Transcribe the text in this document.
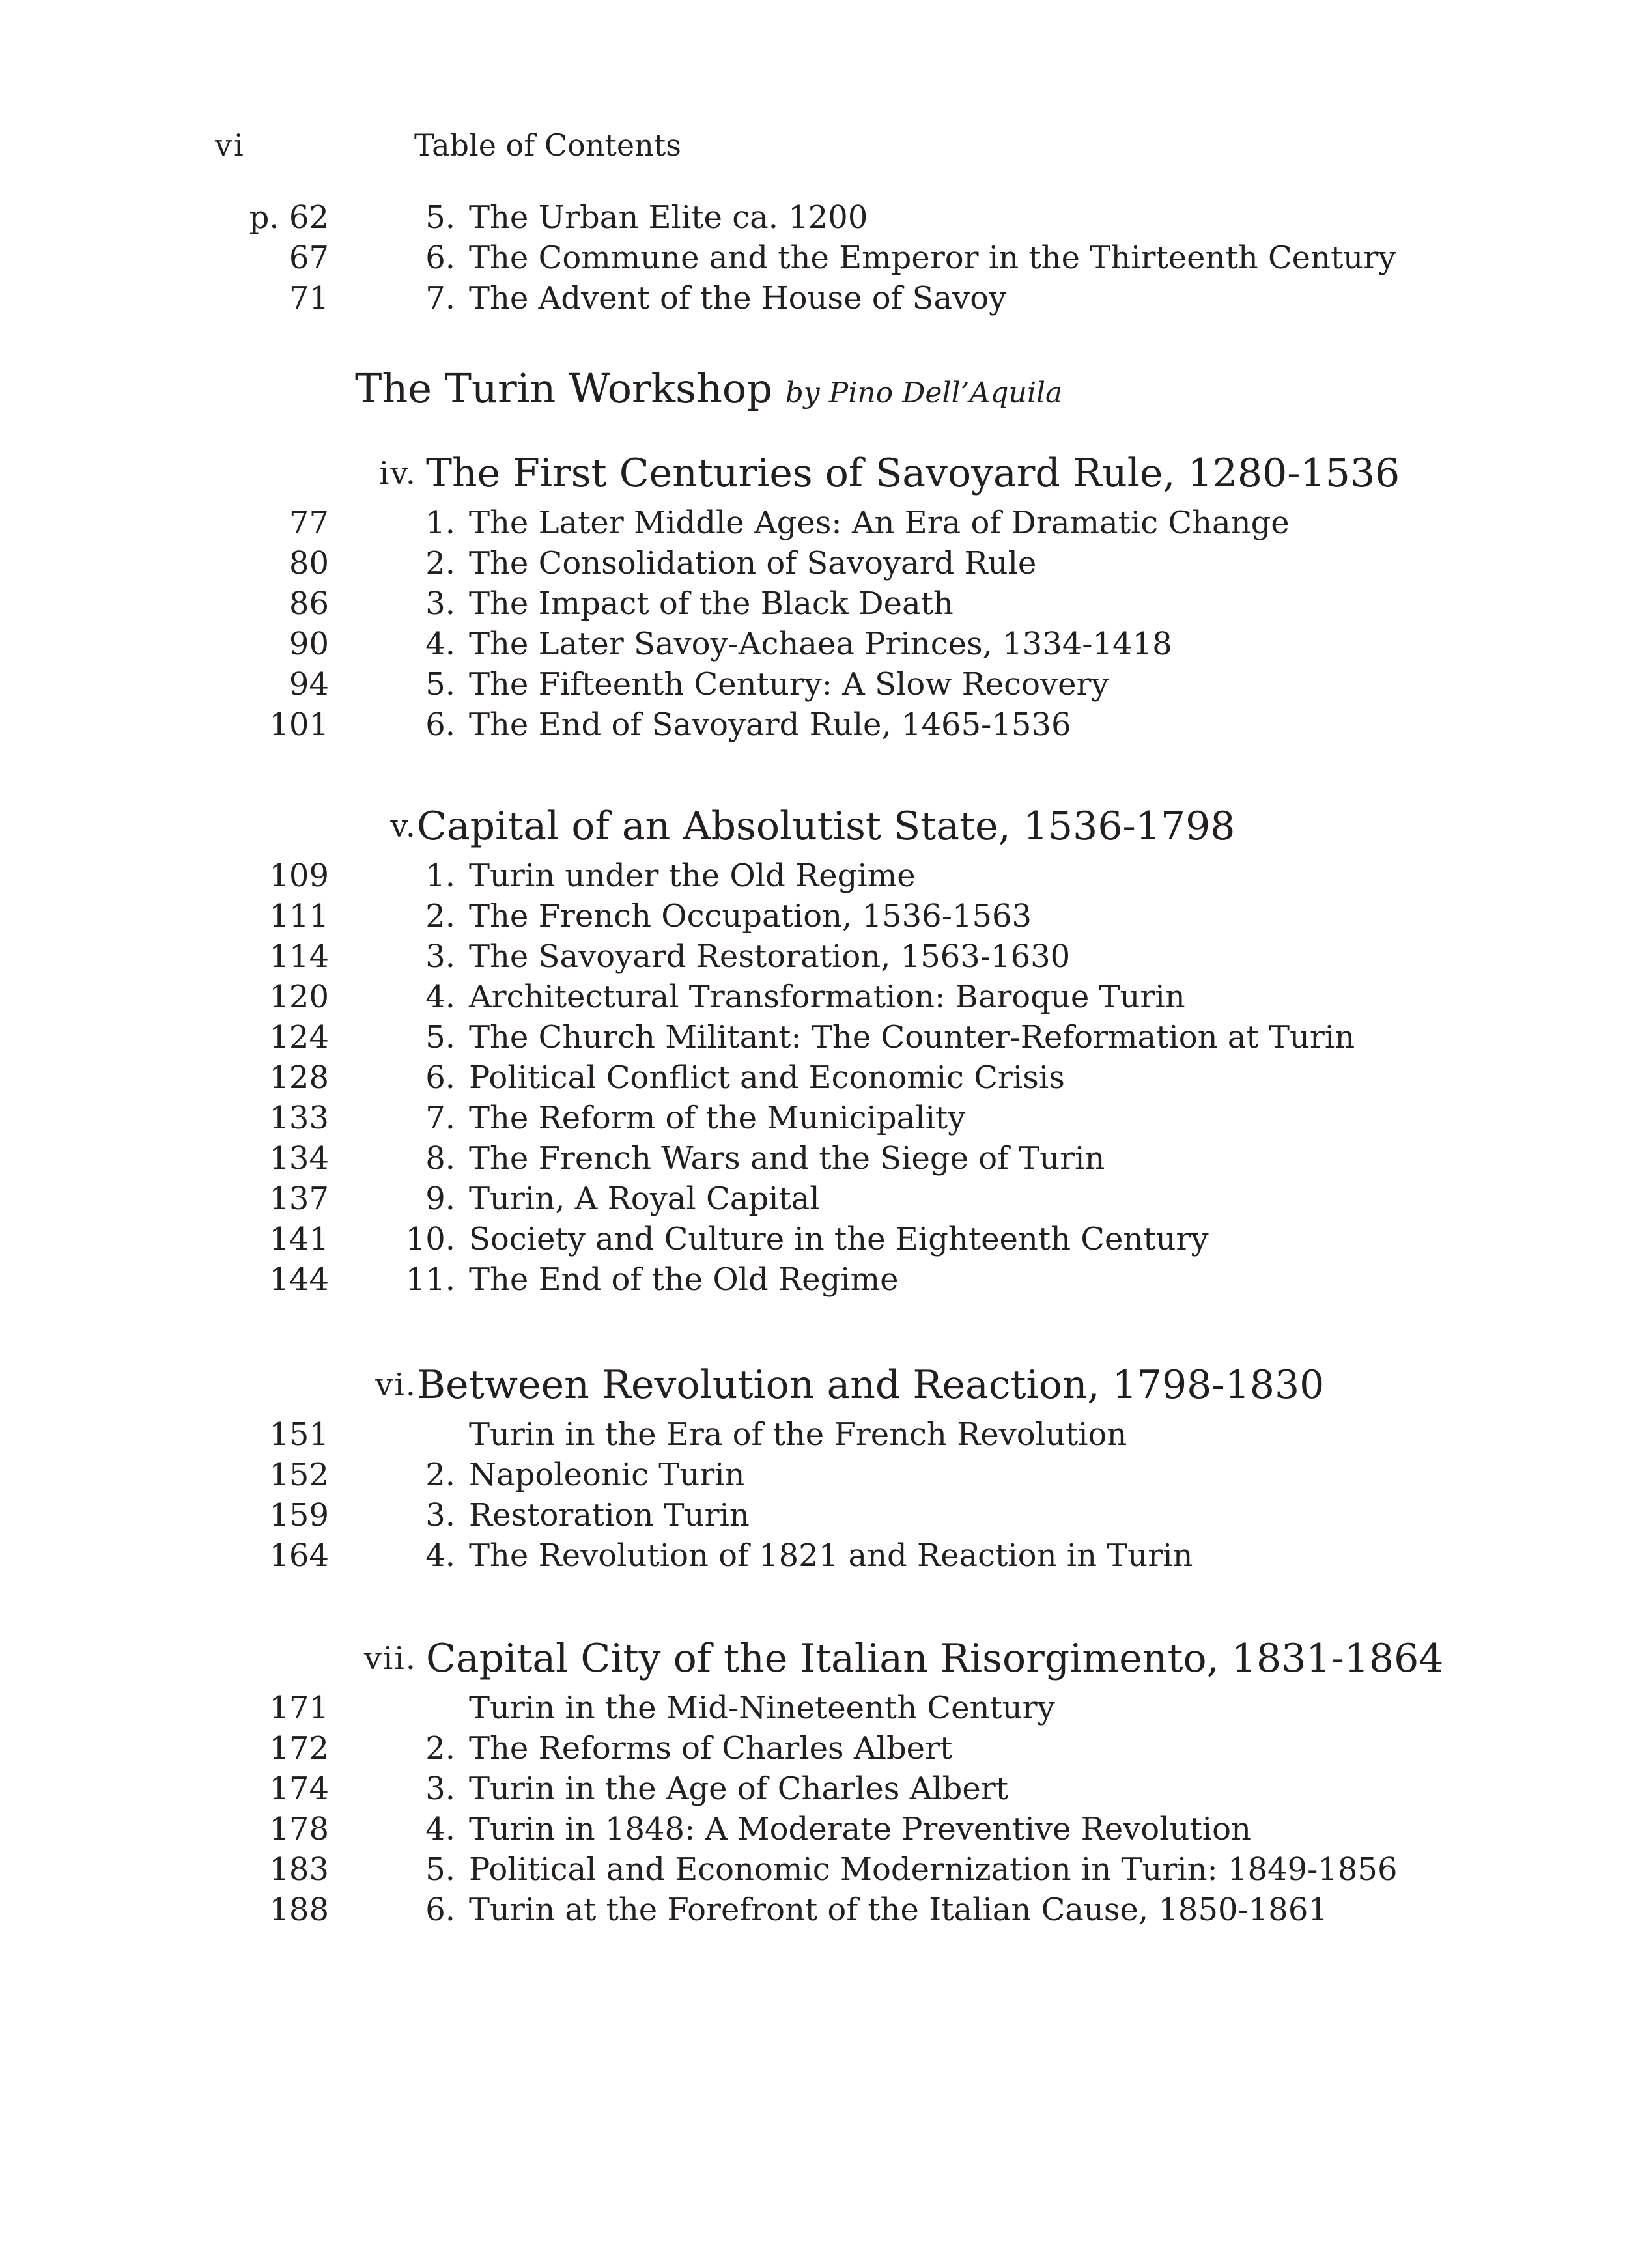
vi	Table of Contents
p. 62	5. The Urban Elite ca. 1200
67	6. The Commune and the Emperor in the Thirteenth Century
71	7. The Advent of the House of Savoy
The Turin Workshop by Pino Dell’Aquila
iv. The First Centuries of Savoyard Rule, 1280-1536
77	1. The Later Middle Ages: An Era of Dramatic Change
80	2. The Consolidation of Savoyard Rule
86	3. The Impact of the Black Death
90	4. The Later Savoy-Achaea Princes, 1334-1418
94	5. The Fifteenth Century: A Slow Recovery
101	6. The End of Savoyard Rule, 1465-1536
v. Capital of an Absolutist State, 1536-1798
109	1. Turin under the Old Regime
111	2. The French Occupation, 1536-1563
114	3. The Savoyard Restoration, 1563-1630
120	4. Architectural Transformation: Baroque Turin
124	5. The Church Militant: The Counter-Reformation at Turin
128	6. Political Conflict and Economic Crisis
133	7. The Reform of the Municipality
134	8. The French Wars and the Siege of Turin
137	9. Turin, A Royal Capital
141 10. Society and Culture in the Eighteenth Century
144 11. The End of the Old Regime
vi. Between Revolution and Reaction, 1798-1830
151	Turin in the Era of the French Revolution
152	2. Napoleonic Turin
159	3. Restoration Turin
164	4. The Revolution of 1821 and Reaction in Turin
vii. Capital City of the Italian Risorgimento, 1831-1864
171	Turin in the Mid-Nineteenth Century
172	2. The Reforms of Charles Albert
174	3. Turin in the Age of Charles Albert
178	4. Turin in 1848: A Moderate Preventive Revolution
183	5. Political and Economic Modernization in Turin: 1849-1856
188	6. Turin at the Forefront of the Italian Cause, 1850-1861
